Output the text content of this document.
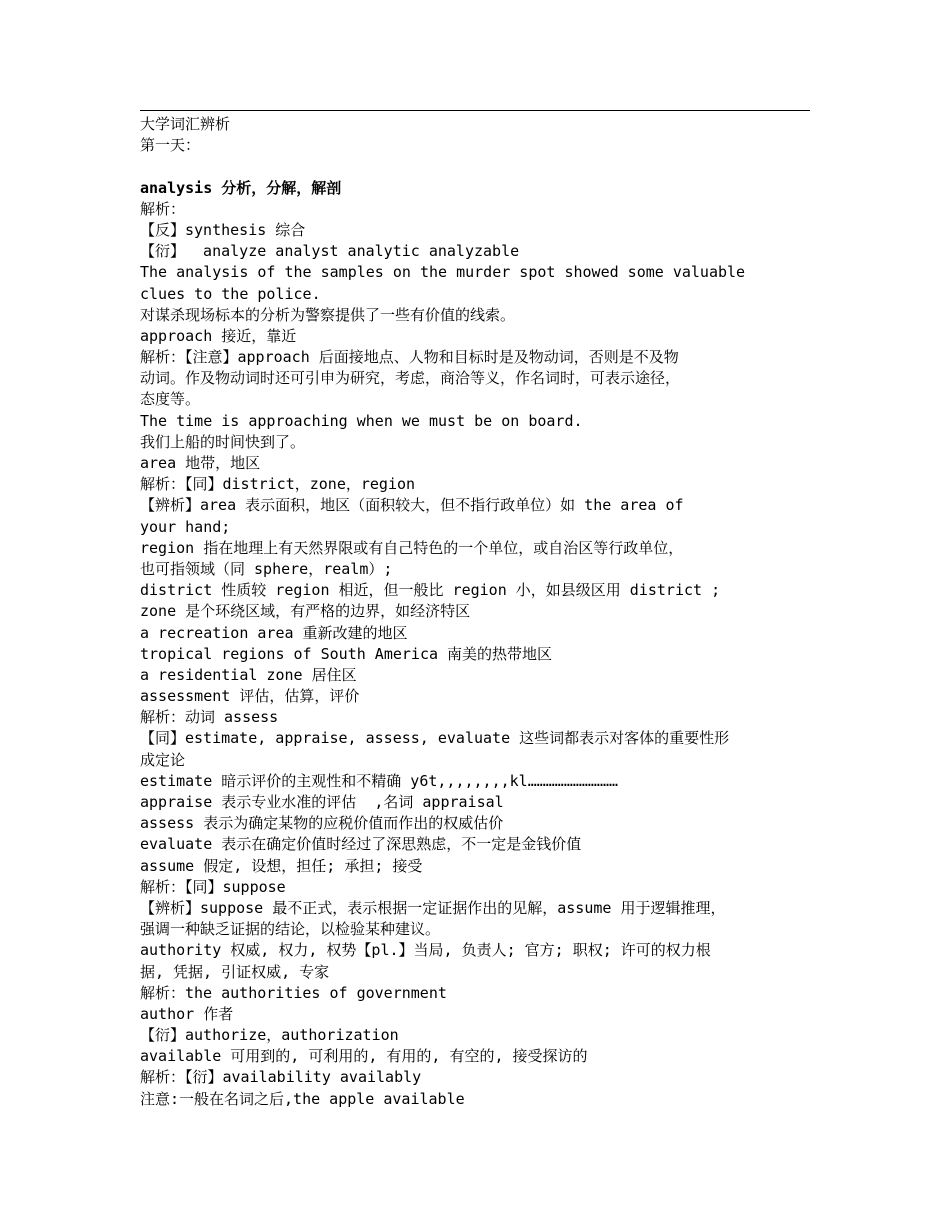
大学词汇辨析
第一天：
analysis 分析，分解，解剖
解析：
【反】synthesis 综合
【衍】  analyze analyst analytic analyzable
The analysis of the samples on the murder spot showed some valuable
clues to the police.
对谋杀现场标本的分析为警察提供了一些有价值的线索。
approach 接近，靠近
解析：【注意】approach 后面接地点、人物和目标时是及物动词，否则是不及物
动词。作及物动词时还可引申为研究，考虑，商洽等义，作名词时，可表示途径，
态度等。
The time is approaching when we must be on board.
我们上船的时间快到了。
area 地带，地区
解析：【同】district，zone，region
【辨析】area 表示面积，地区（面积较大，但不指行政单位）如 the area of
your hand;
region 指在地理上有天然界限或有自己特色的一个单位，或自治区等行政单位，
也可指领域（同 sphere，realm）;
district 性质较 region 相近，但一般比 region 小，如县级区用 district ;
zone 是个环绕区域，有严格的边界，如经济特区
a recreation area 重新改建的地区
tropical regions of South America 南美的热带地区
a residential zone 居住区
assessment 评估，估算，评价
解析：动词 assess
【同】estimate, appraise, assess, evaluate 这些词都表示对客体的重要性形
成定论
estimate 暗示评价的主观性和不精确 y6t,,,,,,,,kl…………………………
appraise 表示专业水准的评估  ,名词 appraisal
assess 表示为确定某物的应税价值而作出的权威估价
evaluate 表示在确定价值时经过了深思熟虑，不一定是金钱价值
assume 假定, 设想，担任; 承担; 接受
解析：【同】suppose
【辨析】suppose 最不正式，表示根据一定证据作出的见解，assume 用于逻辑推理，
强调一种缺乏证据的结论，以检验某种建议。
authority 权威, 权力, 权势【pl.】当局, 负责人; 官方; 职权; 许可的权力根
据, 凭据, 引证权威, 专家
解析：the authorities of government
author 作者
【衍】authorize，authorization
available 可用到的, 可利用的, 有用的, 有空的, 接受探访的
解析：【衍】availability availably
注意:一般在名词之后,the apple available
